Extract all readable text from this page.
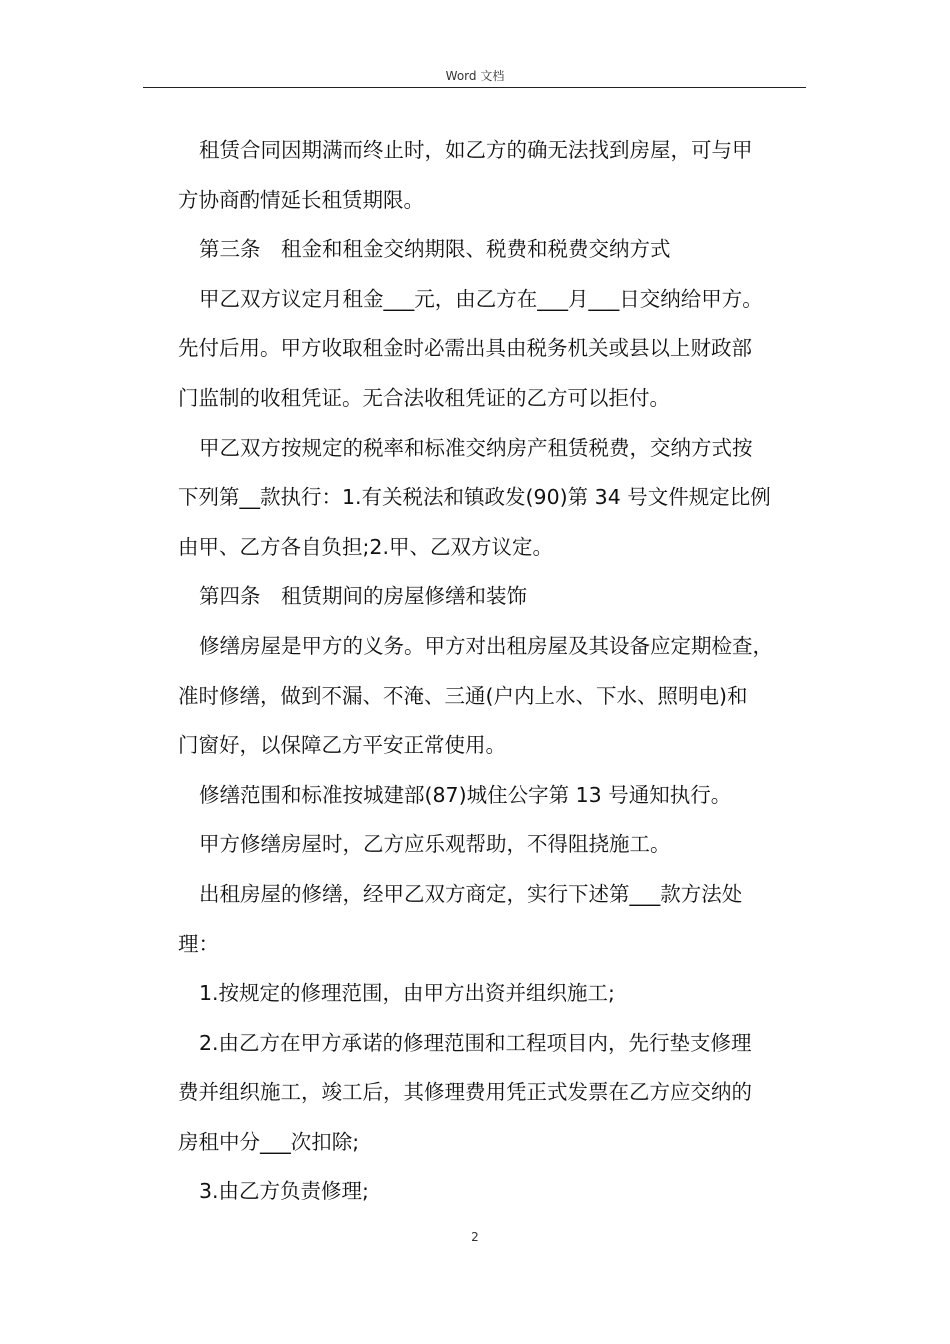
Word 文档
租赁合同因期满而终止时，如乙方的确无法找到房屋，可与甲
方协商酌情延长租赁期限。
第三条　租金和租金交纳期限、税费和税费交纳方式
甲乙双方议定月租金___元，由乙方在___月___日交纳给甲方。
先付后用。甲方收取租金时必需出具由税务机关或县以上财政部
门监制的收租凭证。无合法收租凭证的乙方可以拒付。
甲乙双方按规定的税率和标准交纳房产租赁税费，交纳方式按
下列第__款执行：1.有关税法和镇政发(90)第 34 号文件规定比例
由甲、乙方各自负担;2.甲、乙双方议定。
第四条　租赁期间的房屋修缮和装饰
修缮房屋是甲方的义务。甲方对出租房屋及其设备应定期检查，
准时修缮，做到不漏、不淹、三通(户内上水、下水、照明电)和
门窗好，以保障乙方平安正常使用。
修缮范围和标准按城建部(87)城住公字第 13 号通知执行。
甲方修缮房屋时，乙方应乐观帮助，不得阻挠施工。
出租房屋的修缮，经甲乙双方商定，实行下述第___款方法处
理：
1.按规定的修理范围，由甲方出资并组织施工;
2.由乙方在甲方承诺的修理范围和工程项目内，先行垫支修理
费并组织施工，竣工后，其修理费用凭正式发票在乙方应交纳的
房租中分___次扣除;
3.由乙方负责修理;
2
